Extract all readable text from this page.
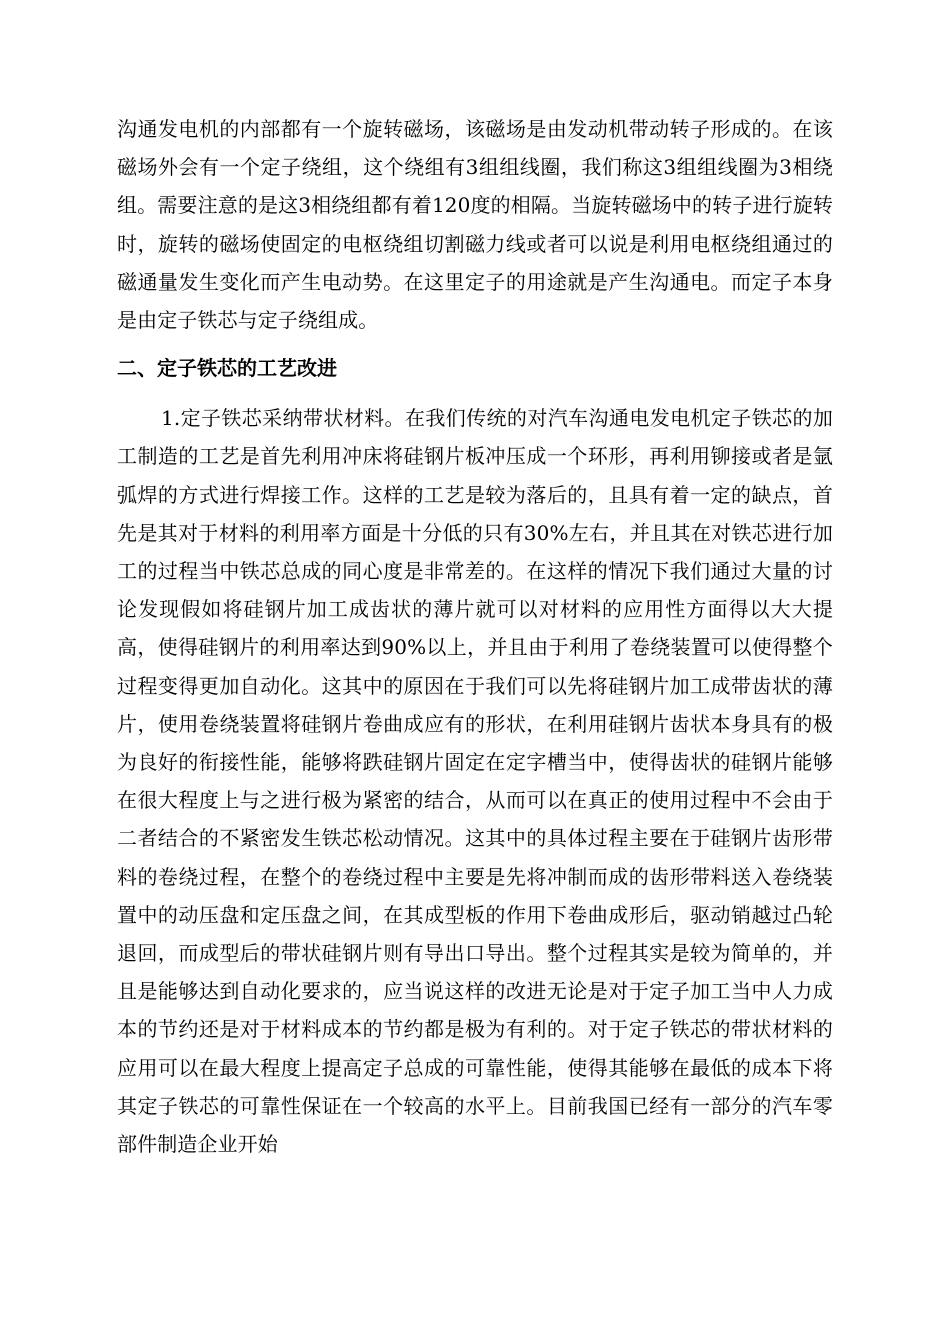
沟通发电机的内部都有一个旋转磁场，该磁场是由发动机带动转子形成的。在该磁场外会有一个定子绕组，这个绕组有3组组线圈，我们称这3组组线圈为3相绕组。需要注意的是这3相绕组都有着120度的相隔。当旋转磁场中的转子进行旋转时，旋转的磁场使固定的电枢绕组切割磁力线或者可以说是利用电枢绕组通过的磁通量发生变化而产生电动势。在这里定子的用途就是产生沟通电。而定子本身是由定子铁芯与定子绕组成。

二、定子铁芯的工艺改进

1.定子铁芯采纳带状材料。在我们传统的对汽车沟通电发电机定子铁芯的加工制造的工艺是首先利用冲床将硅钢片板冲压成一个环形，再利用铆接或者是氩弧焊的方式进行焊接工作。这样的工艺是较为落后的，且具有着一定的缺点，首先是其对于材料的利用率方面是十分低的只有30%左右，并且其在对铁芯进行加工的过程当中铁芯总成的同心度是非常差的。在这样的情况下我们通过大量的讨论发现假如将硅钢片加工成齿状的薄片就可以对材料的应用性方面得以大大提高，使得硅钢片的利用率达到90%以上，并且由于利用了卷绕装置可以使得整个过程变得更加自动化。这其中的原因在于我们可以先将硅钢片加工成带齿状的薄片，使用卷绕装置将硅钢片卷曲成应有的形状，在利用硅钢片齿状本身具有的极为良好的衔接性能，能够将跌硅钢片固定在定字槽当中，使得齿状的硅钢片能够在很大程度上与之进行极为紧密的结合，从而可以在真正的使用过程中不会由于二者结合的不紧密发生铁芯松动情况。这其中的具体过程主要在于硅钢片齿形带料的卷绕过程，在整个的卷绕过程中主要是先将冲制而成的齿形带料送入卷绕装置中的动压盘和定压盘之间，在其成型板的作用下卷曲成形后，驱动销越过凸轮退回，而成型后的带状硅钢片则有导出口导出。整个过程其实是较为简单的，并且是能够达到自动化要求的，应当说这样的改进无论是对于定子加工当中人力成本的节约还是对于材料成本的节约都是极为有利的。对于定子铁芯的带状材料的应用可以在最大程度上提高定子总成的可靠性能，使得其能够在最低的成本下将其定子铁芯的可靠性保证在一个较高的水平上。目前我国已经有一部分的汽车零部件制造企业开始
